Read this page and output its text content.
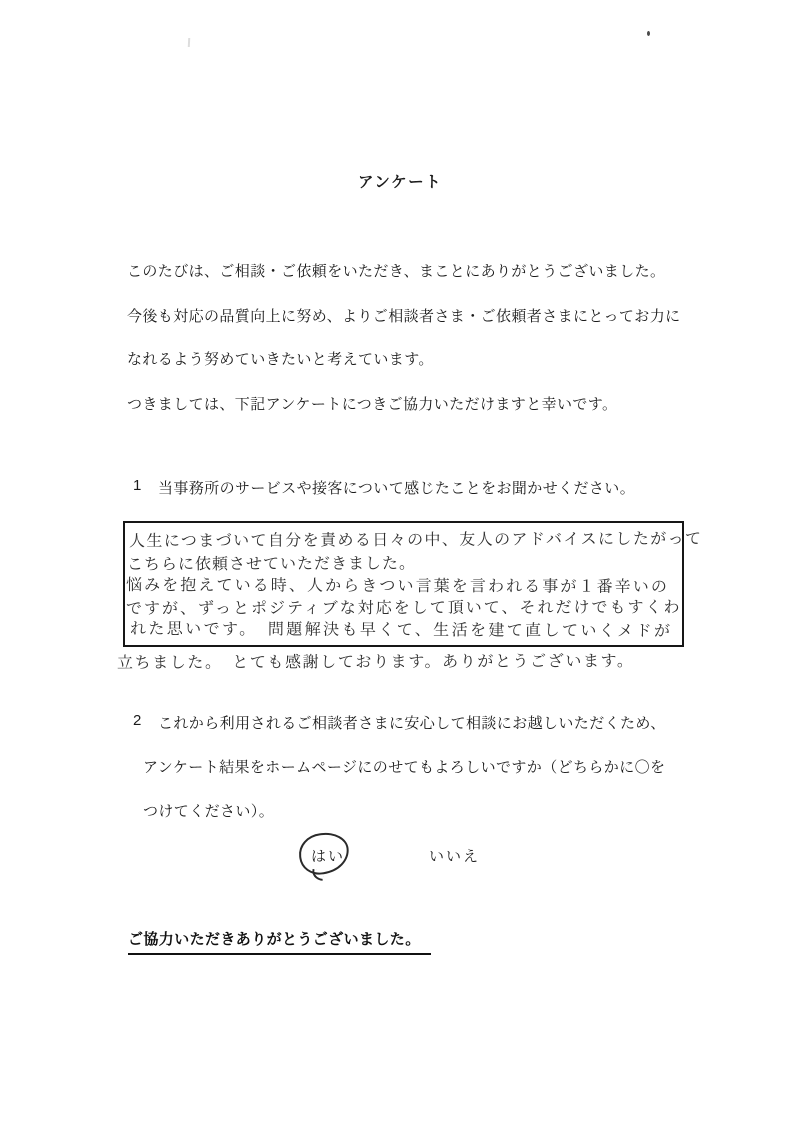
アンケート
このたびは、ご相談・ご依頼をいただき、まことにありがとうございました。
今後も対応の品質向上に努め、よりご相談者さま・ご依頼者さまにとってお力に
なれるよう努めていきたいと考えています。
つきましては、下記アンケートにつきご協力いただけますと幸いです。
1	当事務所のサービスや接客について感じたことをお聞かせください。
人生につまづいて自分を責める日々の中、友人のアドバイスにしたがって
こちらに依頼させていただきました。
悩みを抱えている時、人からきつい言葉を言われる事が１番辛いの
ですが、ずっとポジティブな対応をして頂いて、それだけでもすくわ
れた思いです。　問題解決も早くて、生活を建て直していくメドが
立ちました。　とても感謝しております。ありがとうございます。
2	これから利用されるご相談者さまに安心して相談にお越しいただくため、
アンケート結果をホームページにのせてもよろしいですか（どちらかに〇を
つけてください）。
はい	いいえ
ご協力いただきありがとうございました。
